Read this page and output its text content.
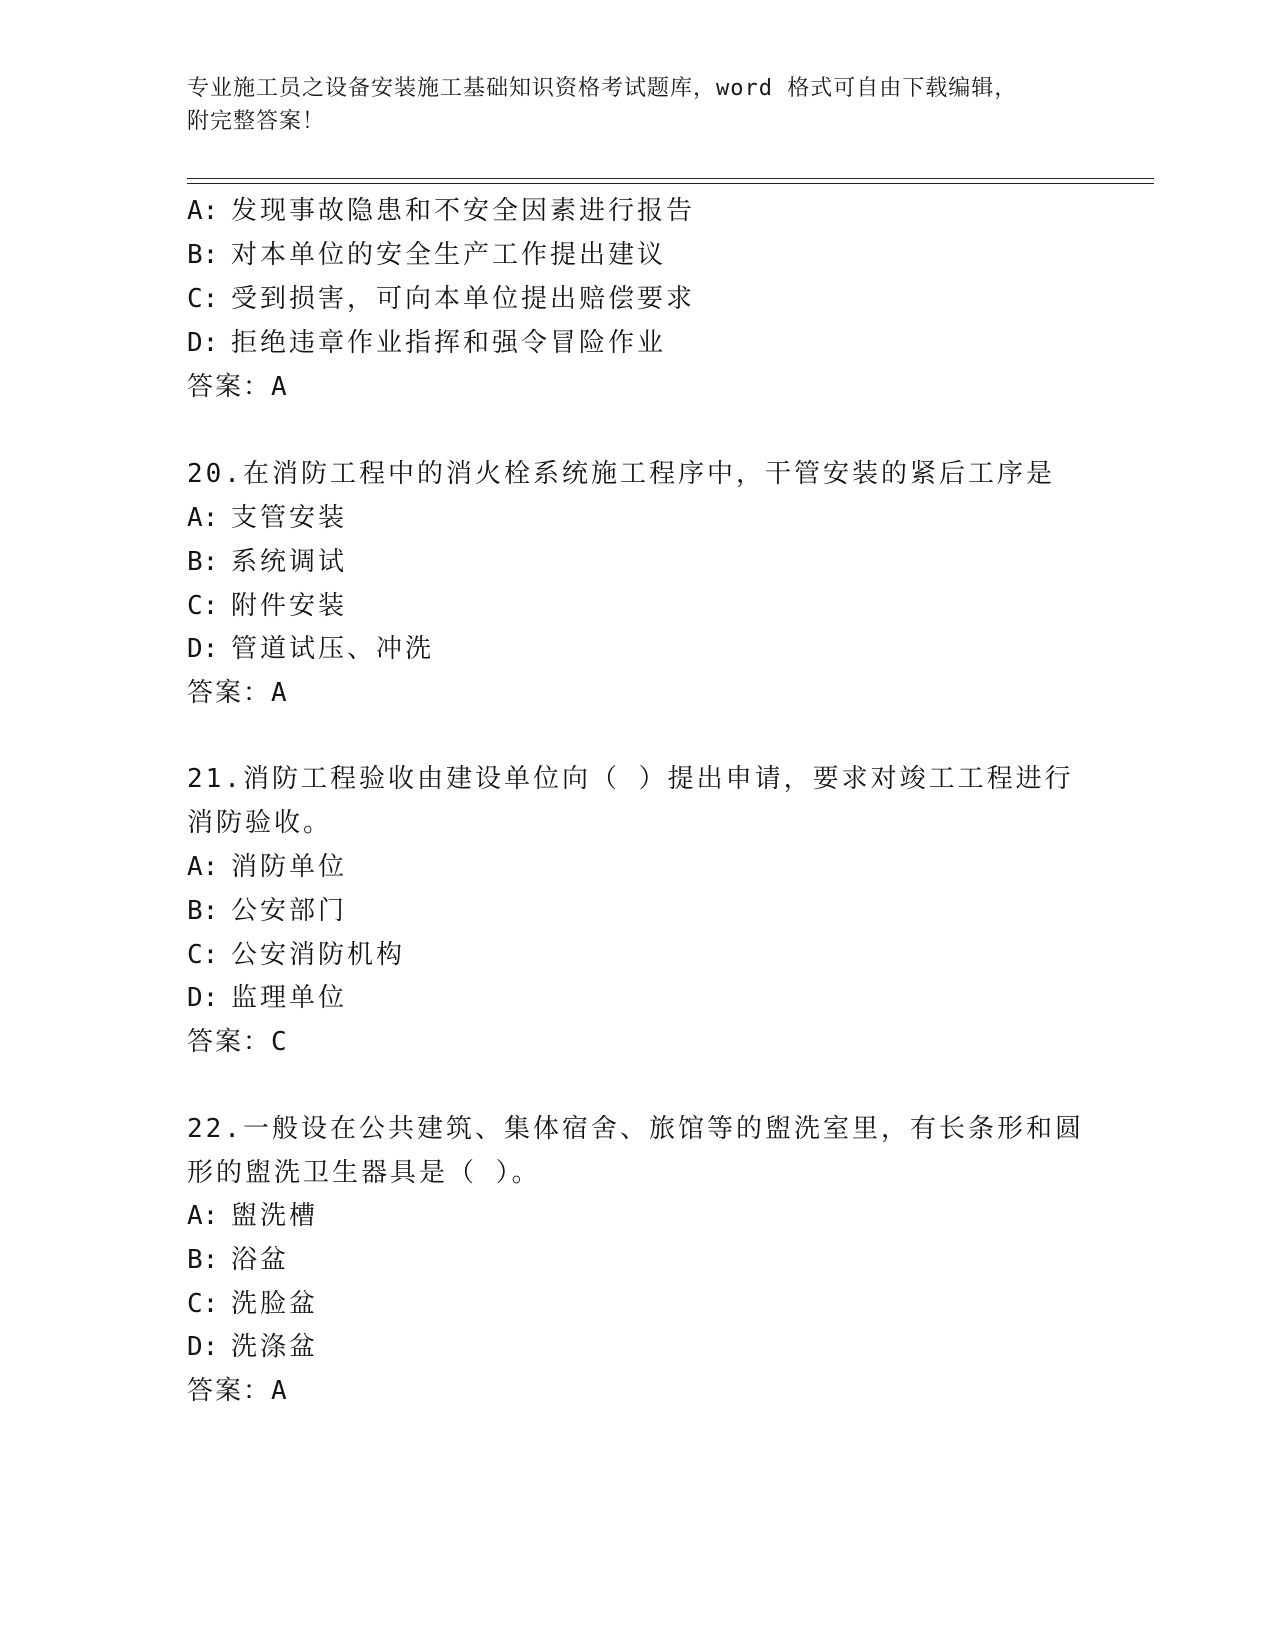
专业施工员之设备安装施工基础知识资格考试题库，word 格式可自由下载编辑，
附完整答案！
A: 发现事故隐患和不安全因素进行报告
B: 对本单位的安全生产工作提出建议
C: 受到损害，可向本单位提出赔偿要求
D: 拒绝违章作业指挥和强令冒险作业
答案：A
20.在消防工程中的消火栓系统施工程序中，干管安装的紧后工序是
A: 支管安装
B: 系统调试
C: 附件安装
D: 管道试压、冲洗
答案：A
21.消防工程验收由建设单位向（ ）提出申请，要求对竣工工程进行
消防验收。
A: 消防单位
B: 公安部门
C: 公安消防机构
D: 监理单位
答案：C
22.一般设在公共建筑、集体宿舍、旅馆等的盥洗室里，有长条形和圆
形的盥洗卫生器具是（ ）。
A: 盥洗槽
B: 浴盆
C: 洗脸盆
D: 洗涤盆
答案：A
